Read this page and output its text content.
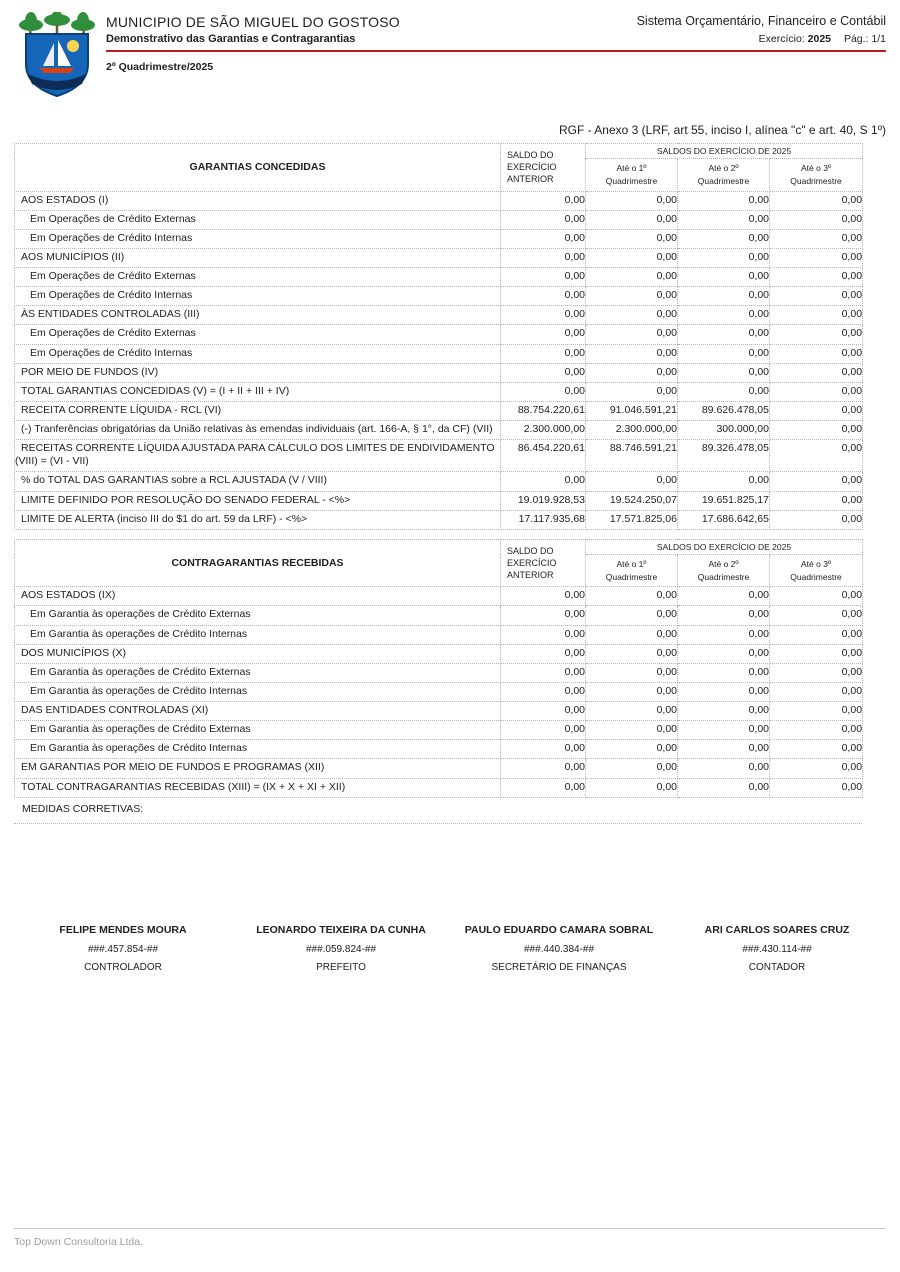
MUNICIPIO DE SÃO MIGUEL DO GOSTOSO
Demonstrativo das Garantias e Contragarantias
Sistema Orçamentário, Financeiro e Contábil
Exercício: 2025 Pág.: 1/1
2º Quadrimestre/2025
RGF - Anexo 3 (LRF, art 55, inciso I, alínea "c" e art. 40, S 1º)
GARANTIAS CONCEDIDAS	SALDO DO EXERCÍCIO ANTERIOR	SALDOS DO EXERCÍCIO DE 2025		

Até o 1º
Quadrimestre

Até o 2º
Quadrimestre

Até o 3º
Quadrimestre

AOS ESTADOS (I)	0,00	0,00	0,00	0,00
Em Operações de Crédito Externas	0,00	0,00	0,00	0,00
Em Operações de Crédito Internas	0,00	0,00	0,00	0,00
AOS MUNICÍPIOS (II)	0,00	0,00	0,00	0,00
Em Operações de Crédito Externas	0,00	0,00	0,00	0,00
Em Operações de Crédito Internas	0,00	0,00	0,00	0,00
ÀS ENTIDADES CONTROLADAS (III)	0,00	0,00	0,00	0,00
Em Operações de Crédito Externas	0,00	0,00	0,00	0,00
Em Operações de Crédito Internas	0,00	0,00	0,00	0,00
POR MEIO DE FUNDOS (IV)	0,00	0,00	0,00	0,00
TOTAL GARANTIAS CONCEDIDAS (V) = (I + II + III + IV)	0,00	0,00	0,00	0,00
RECEITA CORRENTE LÍQUIDA - RCL (VI)	88.754.220,61	91.046.591,21	89.626.478,05	0,00
(-) Tranferências obrigatórias da União relativas às emendas individuais (art. 166-A, § 1°, da CF) (VII)	2.300.000,00	2.300.000,00	300.000,00	0,00
RECEITAS CORRENTE LÍQUIDA AJUSTADA PARA CÁLCULO DOS LIMITES DE ENDIVIDAMENTO (VIII) = (VI - VII)	86.454.220,61	88.746.591,21	89.326.478,05	0,00
% do TOTAL DAS GARANTIAS sobre a RCL AJUSTADA (V / VIII)	0,00	0,00	0,00	0,00
LIMITE DEFINIDO POR RESOLUÇÃO DO SENADO FEDERAL - <%>	19.019.928,53	19.524.250,07	19.651.825,17	0,00
LIMITE DE ALERTA (inciso III do $1 do art. 59 da LRF) - <%>	17.117.935,68	17.571.825,06	17.686.642,65	0,00
CONTRAGARANTIAS RECEBIDAS	SALDO DO EXERCÍCIO ANTERIOR	SALDOS DO EXERCÍCIO DE 2025		

Até o 1º
Quadrimestre

Até o 2º
Quadrimestre

Até o 3º
Quadrimestre

AOS ESTADOS (IX)	0,00	0,00	0,00	0,00
Em Garantia às operações de Crédito Externas	0,00	0,00	0,00	0,00
Em Garantia às operações de Crédito Internas	0,00	0,00	0,00	0,00
DOS MUNICÍPIOS (X)	0,00	0,00	0,00	0,00
Em Garantia às operações de Crédito Externas	0,00	0,00	0,00	0,00
Em Garantia às operações de Crédito Internas	0,00	0,00	0,00	0,00
DAS ENTIDADES CONTROLADAS (XI)	0,00	0,00	0,00	0,00
Em Garantia às operações de Crédito Externas	0,00	0,00	0,00	0,00
Em Garantia às operações de Crédito Internas	0,00	0,00	0,00	0,00
EM GARANTIAS POR MEIO DE FUNDOS E PROGRAMAS (XII)	0,00	0,00	0,00	0,00
TOTAL CONTRAGARANTIAS RECEBIDAS (XIII) = (IX + X + XI + XII)	0,00	0,00	0,00	0,00
MEDIDAS CORRETIVAS:
FELIPE MENDES MOURA
###.457.854-##
CONTROLADOR
LEONARDO TEIXEIRA DA CUNHA
###.059.824-##
PREFEITO
PAULO EDUARDO CAMARA SOBRAL
###.440.384-##
SECRETÁRIO DE FINANÇAS
ARI CARLOS SOARES CRUZ
###.430.114-##
CONTADOR
Top Down Consultoria Ltda.
